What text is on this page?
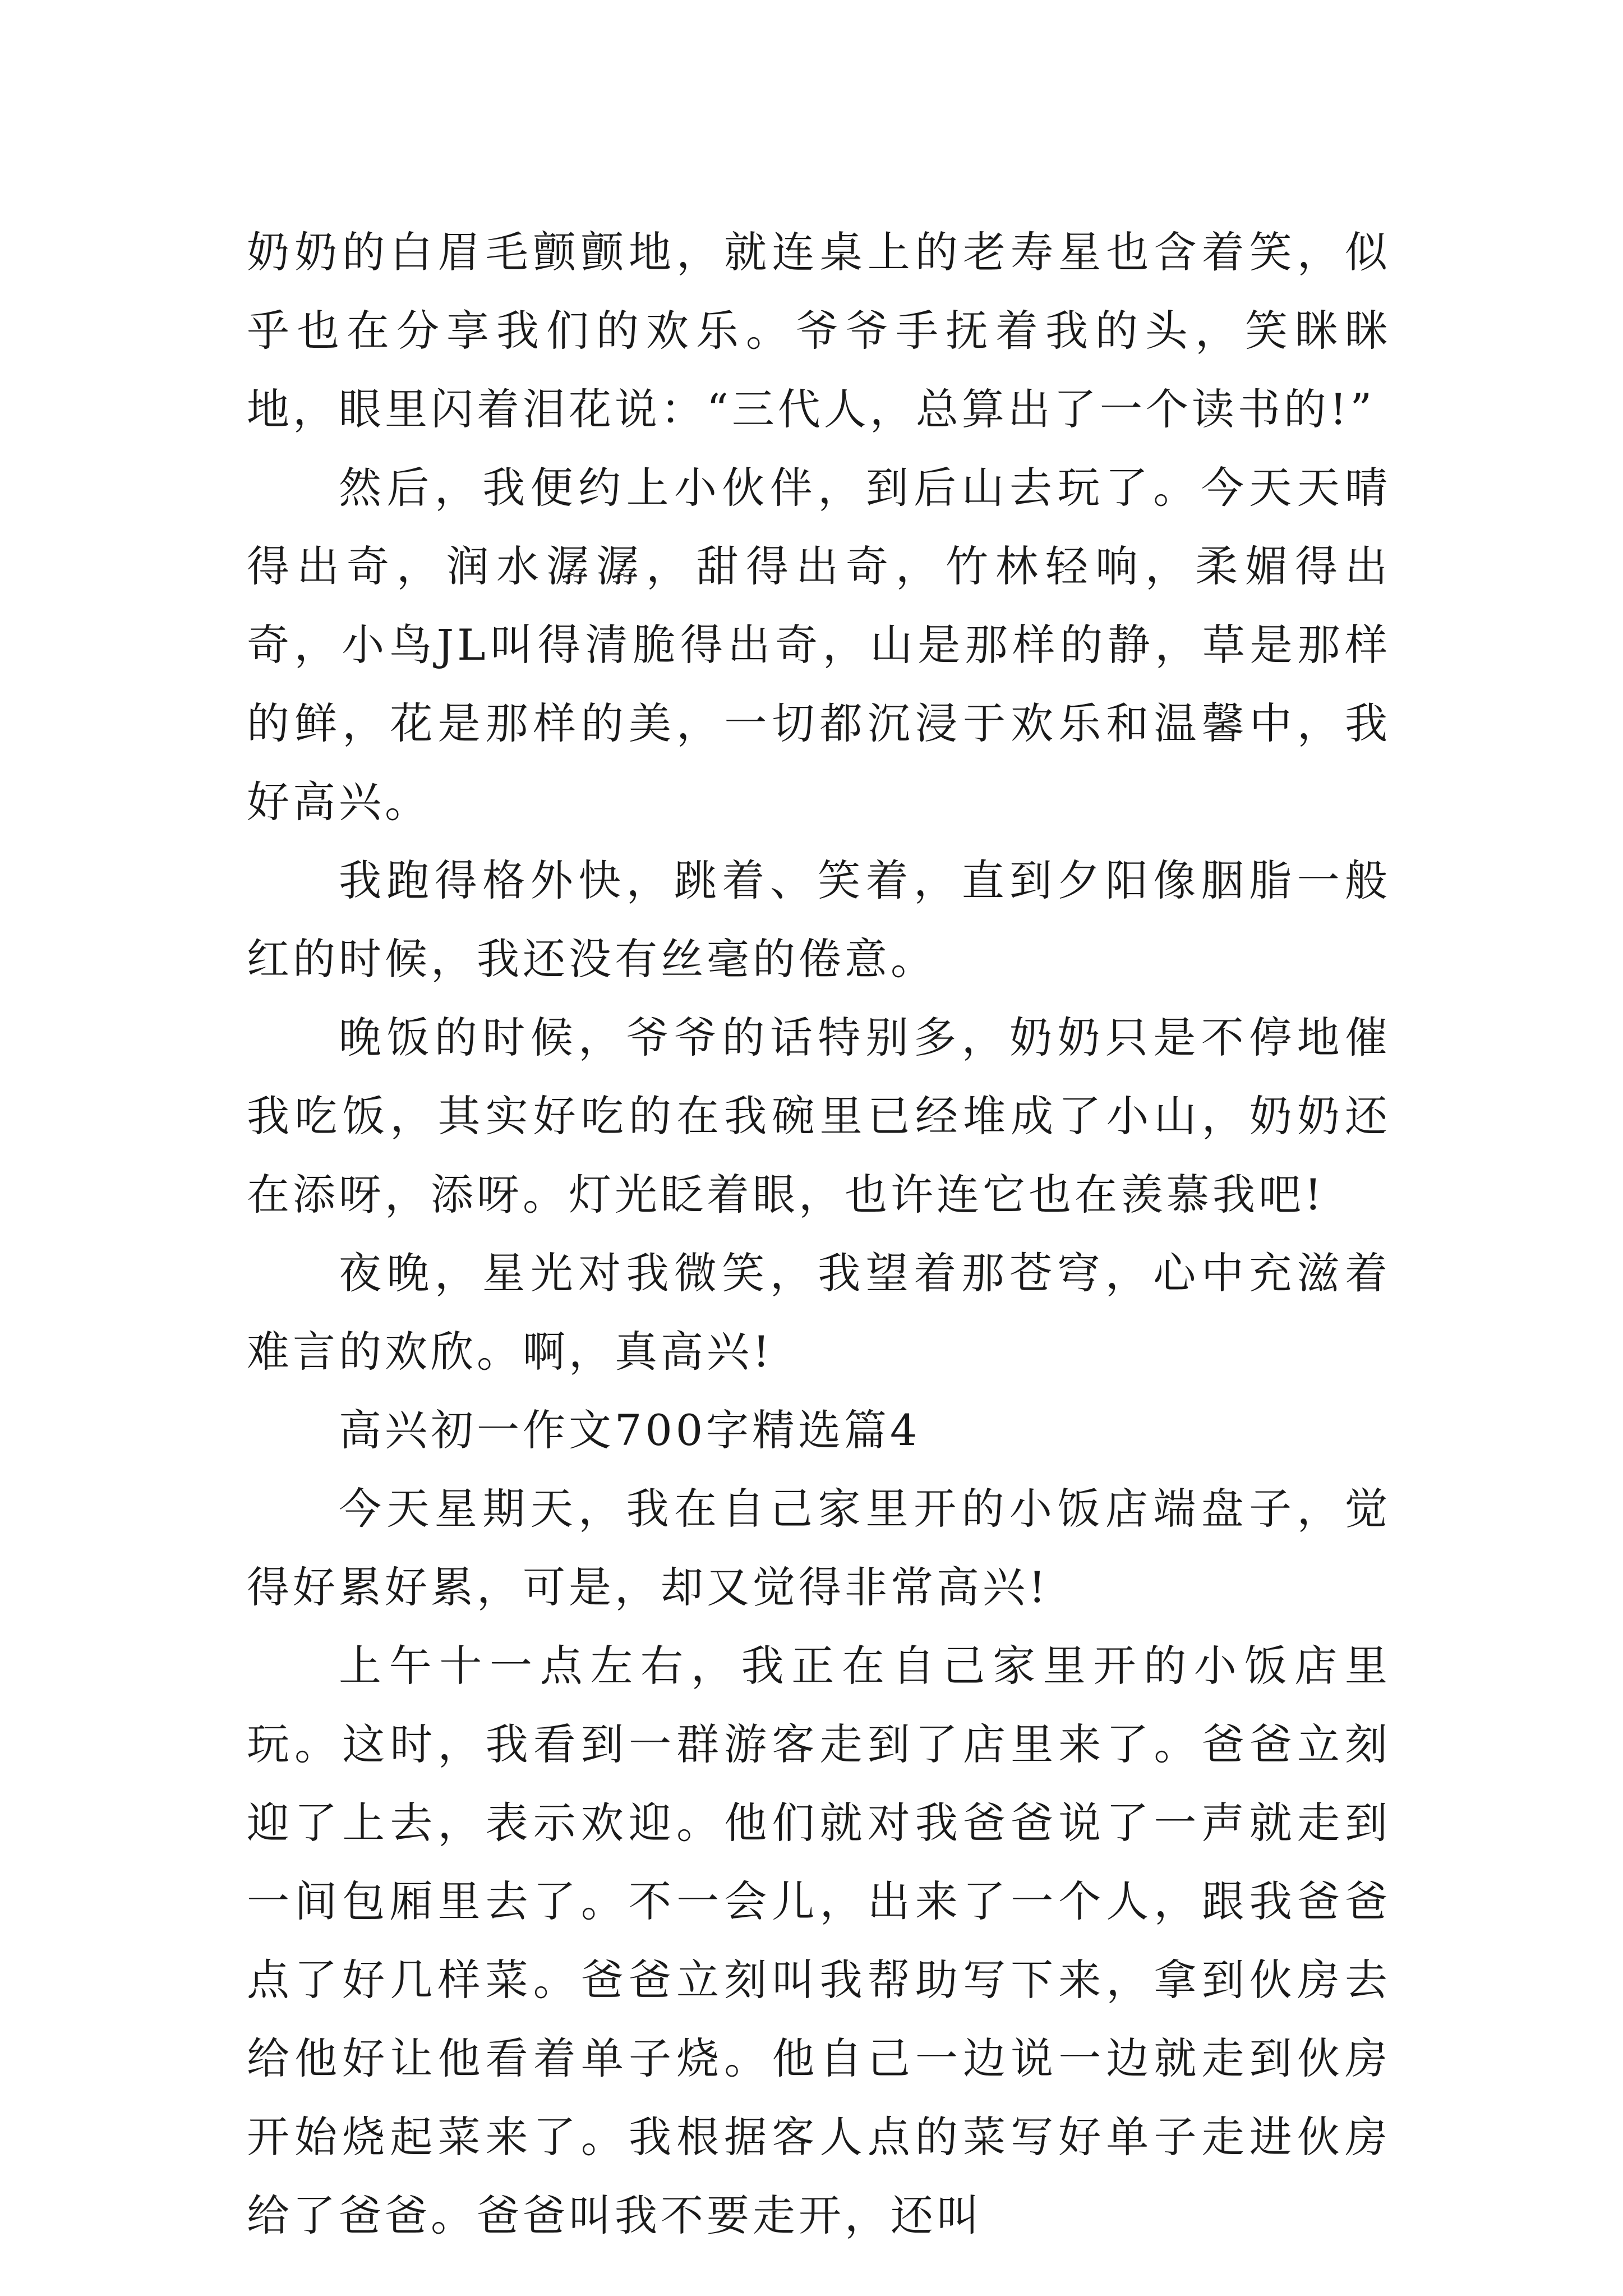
奶奶的白眉毛颤颤地，就连桌上的老寿星也含着笑，似乎也在分享我们的欢乐。爷爷手抚着我的头，笑眯眯地，眼里闪着泪花说：“三代人，总算出了一个读书的!”

然后，我便约上小伙伴，到后山去玩了。今天天晴得出奇，润水潺潺，甜得出奇，竹林轻响，柔媚得出奇，小鸟JL叫得清脆得出奇，山是那样的静，草是那样的鲜，花是那样的美，一切都沉浸于欢乐和温馨中，我好高兴。

我跑得格外快，跳着、笑着，直到夕阳像胭脂一般红的时候，我还没有丝毫的倦意。

晚饭的时候，爷爷的话特别多，奶奶只是不停地催我吃饭，其实好吃的在我碗里已经堆成了小山，奶奶还在添呀，添呀。灯光眨着眼，也许连它也在羡慕我吧!

夜晚，星光对我微笑，我望着那苍穹，心中充滋着难言的欢欣。啊，真高兴!

高兴初一作文700字精选篇4

今天星期天，我在自己家里开的小饭店端盘子，觉得好累好累，可是，却又觉得非常高兴!

上午十一点左右，我正在自己家里开的小饭店里玩。这时，我看到一群游客走到了店里来了。爸爸立刻迎了上去，表示欢迎。他们就对我爸爸说了一声就走到一间包厢里去了。不一会儿，出来了一个人，跟我爸爸点了好几样菜。爸爸立刻叫我帮助写下来，拿到伙房去给他好让他看着单子烧。他自己一边说一边就走到伙房开始烧起菜来了。我根据客人点的菜写好单子走进伙房给了爸爸。爸爸叫我不要走开，还叫
